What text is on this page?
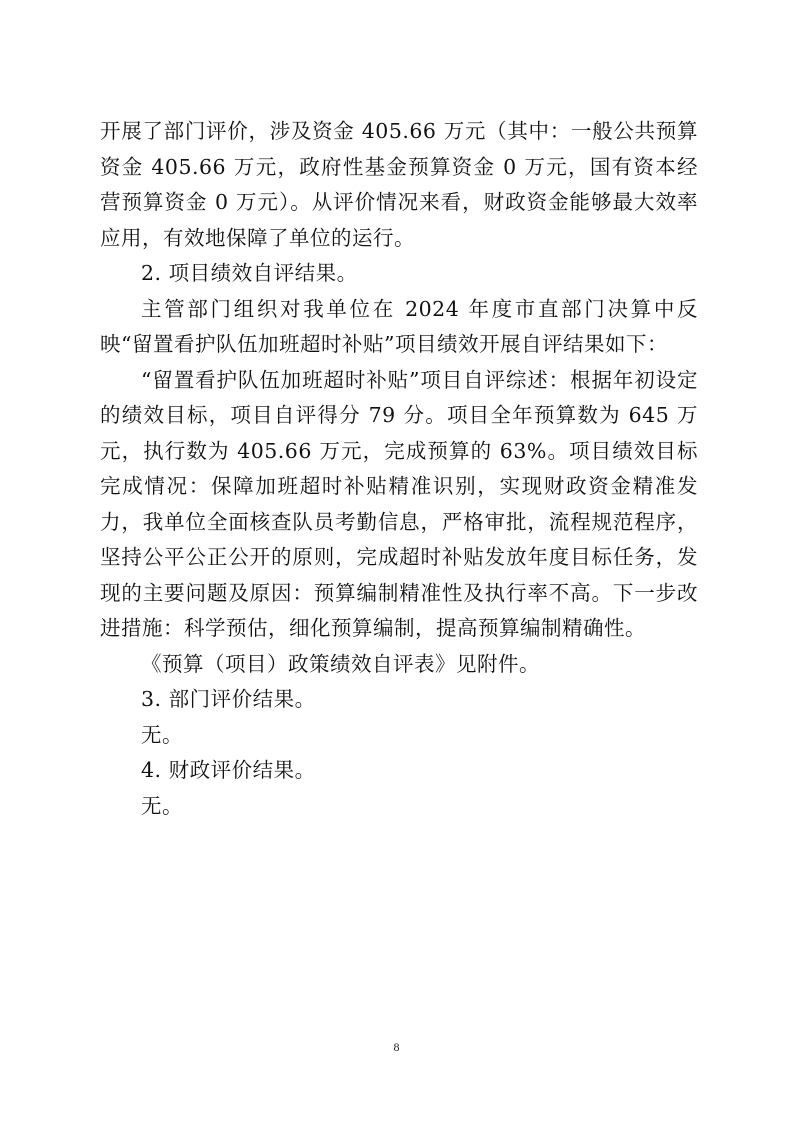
开展了部门评价，涉及资金 405.66 万元（其中：一般公共预算资金 405.66 万元，政府性基金预算资金 0 万元，国有资本经营预算资金 0 万元）。从评价情况来看，财政资金能够最大效率应用，有效地保障了单位的运行。

2. 项目绩效自评结果。

主管部门组织对我单位在 2024 年度市直部门决算中反映“留置看护队伍加班超时补贴”项目绩效开展自评结果如下：

“留置看护队伍加班超时补贴”项目自评综述：根据年初设定的绩效目标，项目自评得分 79 分。项目全年预算数为 645 万元，执行数为 405.66 万元，完成预算的 63%。项目绩效目标完成情况：保障加班超时补贴精准识别，实现财政资金精准发力，我单位全面核查队员考勤信息，严格审批，流程规范程序，坚持公平公正公开的原则，完成超时补贴发放年度目标任务，发现的主要问题及原因：预算编制精准性及执行率不高。下一步改进措施：科学预估，细化预算编制，提高预算编制精确性。

《预算（项目）政策绩效自评表》见附件。

3. 部门评价结果。

无。

4. 财政评价结果。

无。

8
